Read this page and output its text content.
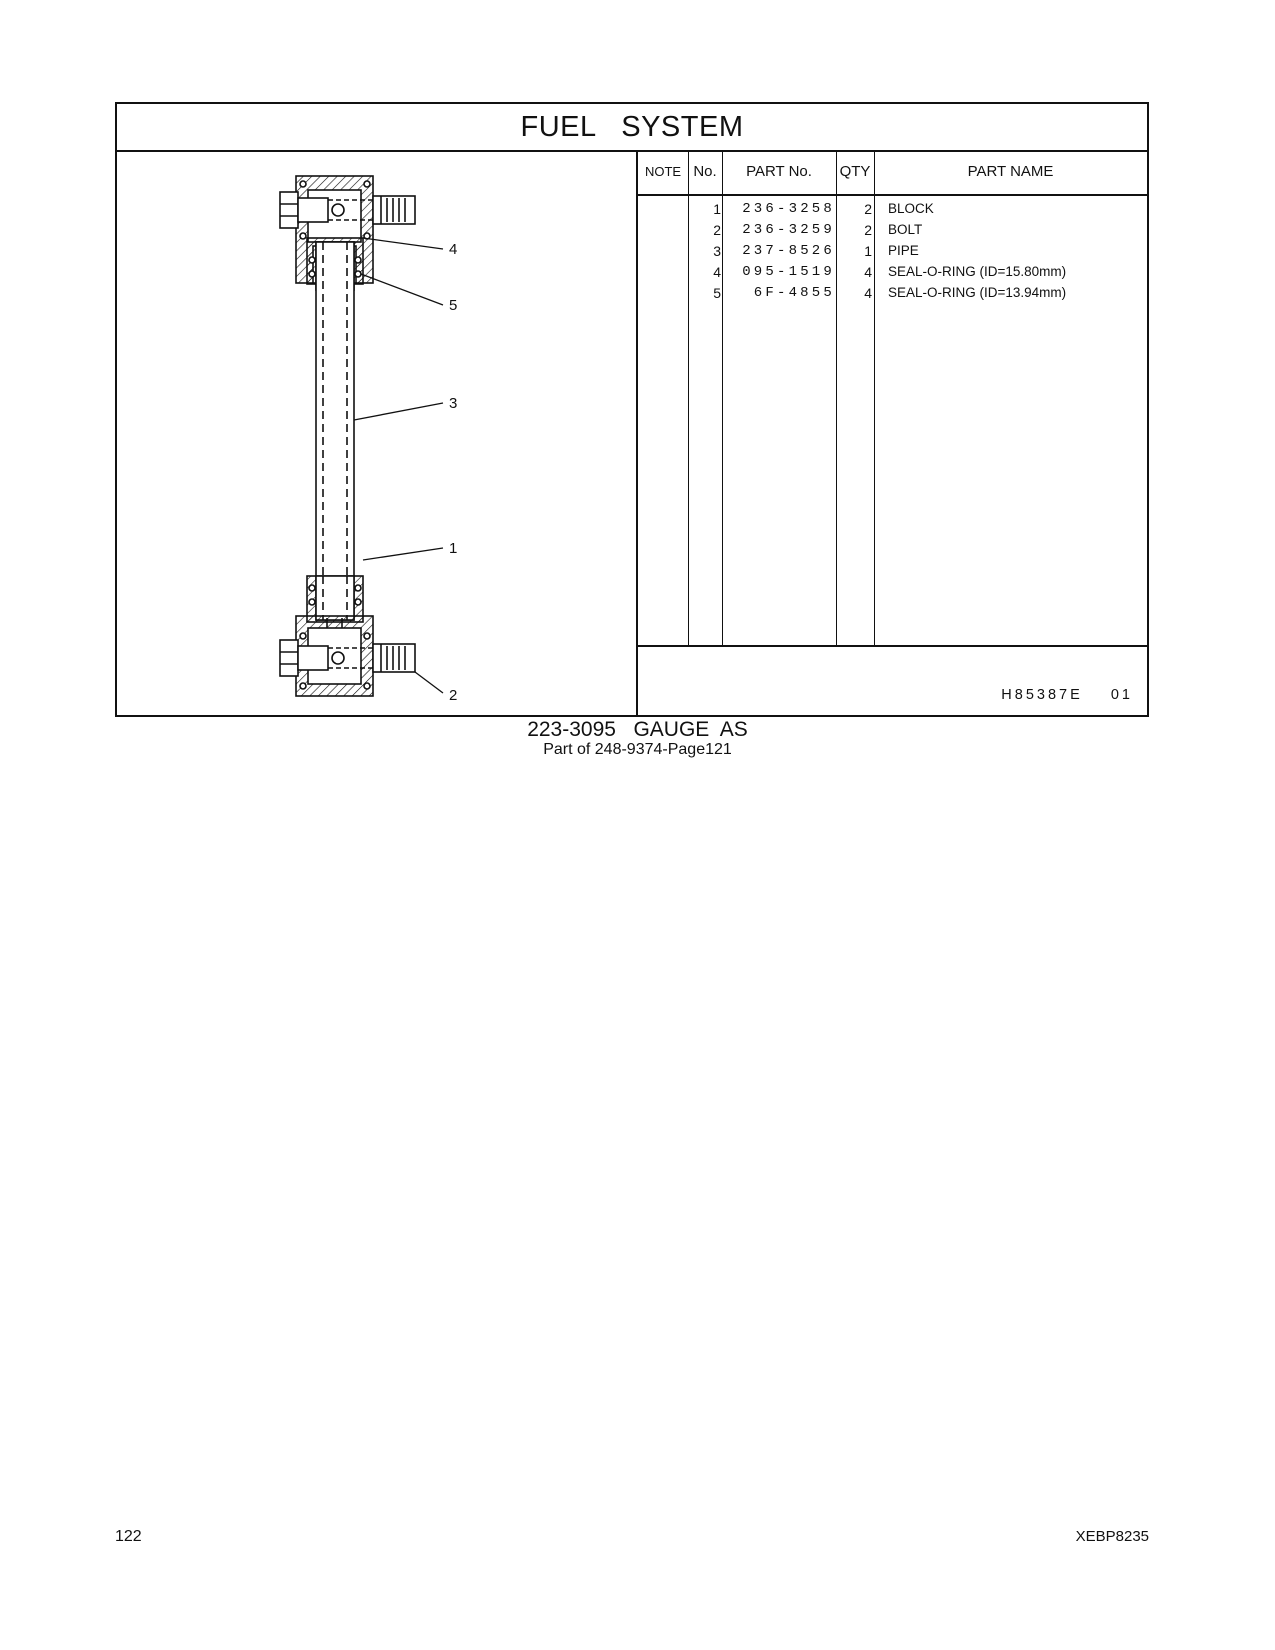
FUEL   SYSTEM
4
5
3
1
2
NOTE No.	PART No.	QTY	PART NAME
1	236-3258	2 BLOCK
2	236-3259	2 BOLT
3	237-8526	1 PIPE
4	095-1519	4 SEAL-O-RING (ID=15.80mm)
5	6F-4855	4 SEAL-O-RING (ID=13.94mm)
H85387E    01
223-3095   GAUGE  AS
Part of 248-9374-Page121
122	XEBP8235
